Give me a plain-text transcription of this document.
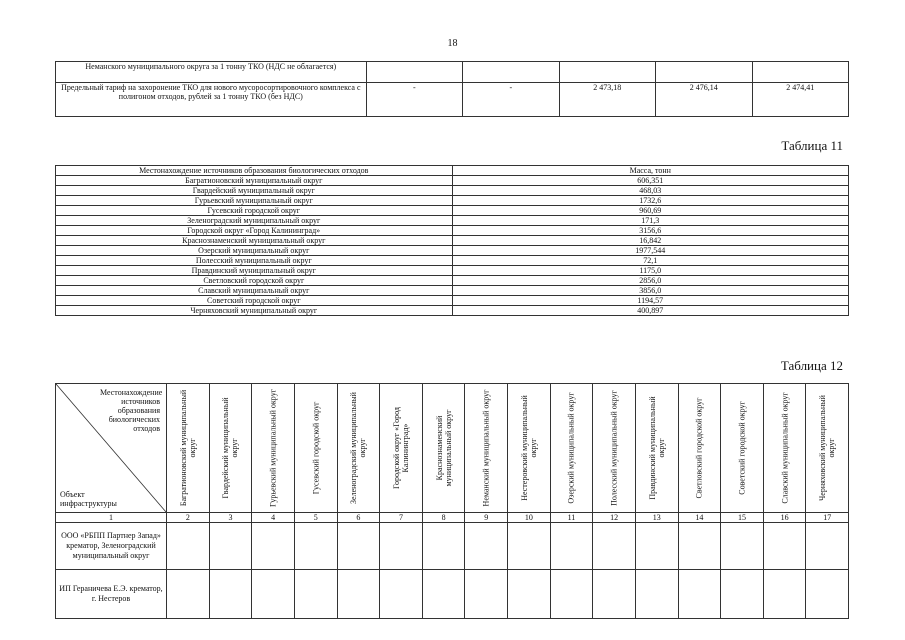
18
Неманского муниципального округа за 1 тонну ТКО (НДС не облагается)					
Предельный тариф на захоронение ТКО для нового мусоросортировочного комплекса с полигоном отходов, рублей за 1 тонну ТКО (без НДС)	-	-	2 473,18	2 476,14	2 474,41
Таблица 11
Местонахождение источников образования биологических отходов	Масса, тонн
Багратионовский муниципальный округ	606,351
Гвардейский муниципальный округ	468,03
Гурьевский муниципальный округ	1732,6
Гусевский городской округ	960,69
Зеленоградский муниципальный округ	171,3
Городской округ «Город Калининград»	3156,6
Краснознаменский муниципальный округ	16,842
Озерский муниципальный округ	1977,544
Полесский муниципальный округ	72,1
Правдинский муниципальный округ	1175,0
Светловский городской округ	2856,0
Славский муниципальный округ	3856,0
Советский городской округ	1194,57
Черняховский муниципальный округ	400,897
Таблица 12
Местонахождение источников образования биологических отходов
Объект инфраструктуры	Багратионовский муниципальный округ	Гвардейский муниципальный округ	Гурьевский муниципальный округ	Гусевский городской округ	Зеленоградский муниципальный округ	Городской округ «Город Калининград»	Краснознаменский муниципальный округ	Неманский муниципальный округ	Нестеровский муниципальный округ	Озерский муниципальный округ	Полесский муниципальный округ	Правдинский муниципальный округ	Светловский городской округ	Советский городской округ	Славский муниципальный округ	Черняховский муниципальный округ

1	2	3	4	5	6	7	8	9	10	11	12	13	14	15	16	17
ООО «РБПП Партнер Запад» крематор, Зеленоградский муниципальный округ																
ИП Гераничева Е.Э. крематор, г. Нестеров																
